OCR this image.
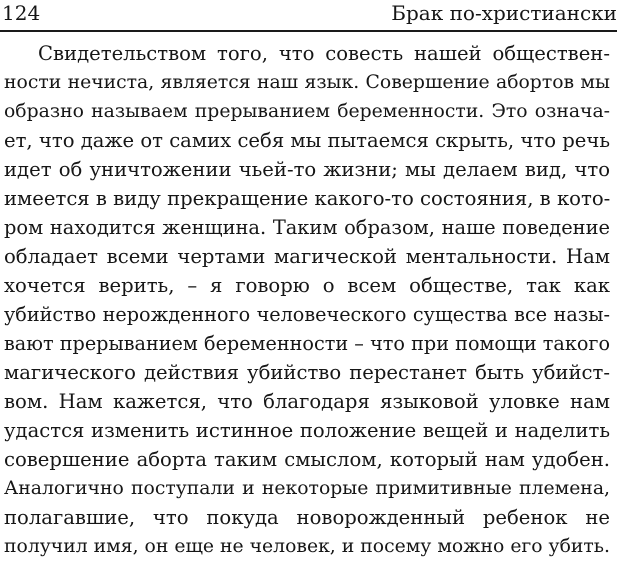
124	Брак по-христиански
Свидетельством того, что совесть нашей обществен-
ности нечиста, является наш язык. Совершение абортов мы
образно называем прерыванием беременности. Это означа-
ет, что даже от самих себя мы пытаемся скрыть, что речь
идет об уничтожении чьей-то жизни; мы делаем вид, что
имеется в виду прекращение какого-то состояния, в кото-
ром находится женщина. Таким образом, наше поведение
обладает всеми чертами магической ментальности. Нам
хочется верить, – я говорю о всем обществе, так как
убийство нерожденного человеческого существа все назы-
вают прерыванием беременности – что при помощи такого
магического действия убийство перестанет быть убийст-
вом. Нам кажется, что благодаря языковой уловке нам
удастся изменить истинное положение вещей и наделить
совершение аборта таким смыслом, который нам удобен.
Аналогично поступали и некоторые примитивные племена,
полагавшие, что покуда новорожденный ребенок не
получил имя, он еще не человек, и посему можно его убить.
